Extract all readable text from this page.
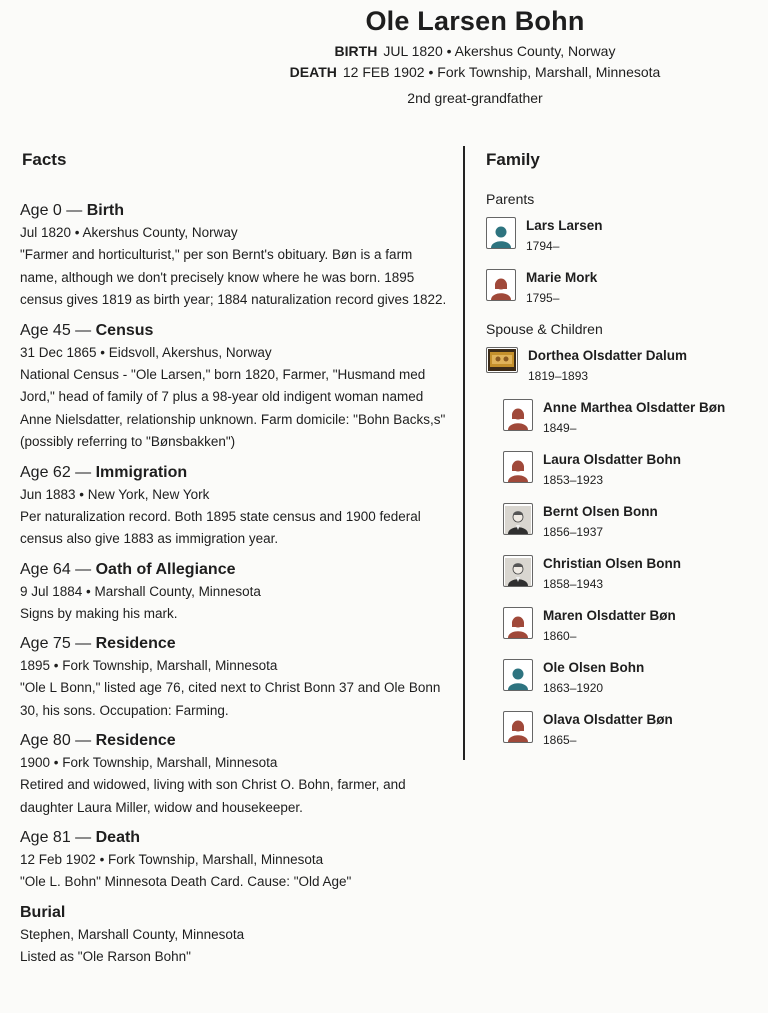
Ole Larsen Bohn
BIRTH JUL 1820 • Akershus County, Norway
DEATH 12 FEB 1902 • Fork Township, Marshall, Minnesota
2nd great-grandfather
Facts
Age 0 — Birth
Jul 1820 • Akershus County, Norway
"Farmer and horticulturist," per son Bernt's obituary. Bøn is a farm name, although we don't precisely know where he was born. 1895 census gives 1819 as birth year; 1884 naturalization record gives 1822.
Age 45 — Census
31 Dec 1865 • Eidsvoll, Akershus, Norway
National Census - "Ole Larsen," born 1820, Farmer, "Husmand med Jord," head of family of 7 plus a 98-year old indigent woman named Anne Nielsdatter, relationship unknown. Farm domicile: "Bohn Backs,s" (possibly referring to "Bønsbakken")
Age 62 — Immigration
Jun 1883 • New York, New York
Per naturalization record. Both 1895 state census and 1900 federal census also give 1883 as immigration year.
Age 64 — Oath of Allegiance
9 Jul 1884 • Marshall County, Minnesota
Signs by making his mark.
Age 75 — Residence
1895 • Fork Township, Marshall, Minnesota
"Ole L Bonn," listed age 76, cited next to Christ Bonn 37 and Ole Bonn 30, his sons. Occupation: Farming.
Age 80 — Residence
1900 • Fork Township, Marshall, Minnesota
Retired and widowed, living with son Christ O. Bohn, farmer, and daughter Laura Miller, widow and housekeeper.
Age 81 — Death
12 Feb 1902 • Fork Township, Marshall, Minnesota
"Ole L. Bohn" Minnesota Death Card. Cause: "Old Age"
Burial
Stephen, Marshall County, Minnesota
Listed as "Ole Rarson Bohn"
Family
Parents
Lars Larsen
1794–
Marie Mork
1795–
Spouse & Children
Dorthea Olsdatter Dalum
1819–1893
Anne Marthea Olsdatter Bøn
1849–
Laura Olsdatter Bohn
1853–1923
Bernt Olsen Bonn
1856–1937
Christian Olsen Bonn
1858–1943
Maren Olsdatter Bøn
1860–
Ole Olsen Bohn
1863–1920
Olava Olsdatter Bøn
1865–
